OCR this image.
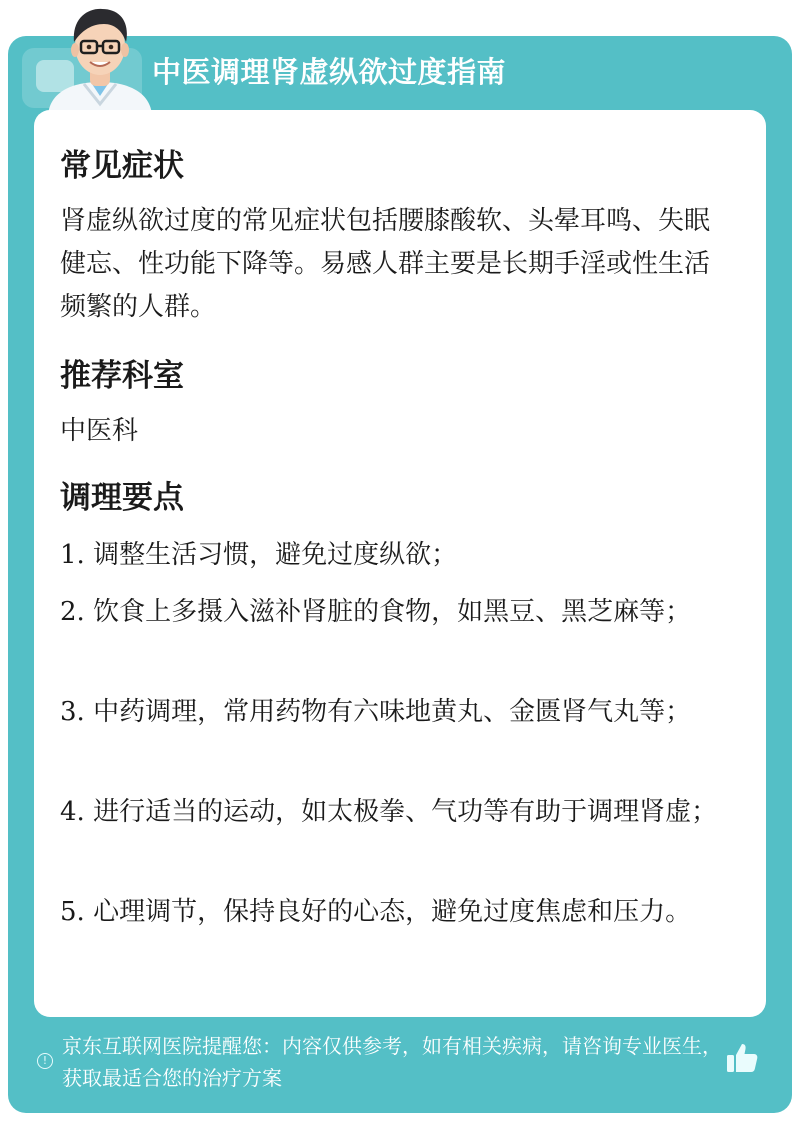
中医调理肾虚纵欲过度指南
常见症状
肾虚纵欲过度的常见症状包括腰膝酸软、头晕耳鸣、失眠健忘、性功能下降等。易感人群主要是长期手淫或性生活频繁的人群。
推荐科室
中医科
调理要点
1. 调整生活习惯，避免过度纵欲；
2. 饮食上多摄入滋补肾脏的食物，如黑豆、黑芝麻等；
3. 中药调理，常用药物有六味地黄丸、金匮肾气丸等；
4. 进行适当的运动，如太极拳、气功等有助于调理肾虚；
5. 心理调节，保持良好的心态，避免过度焦虑和压力。
!
京东互联网医院提醒您：内容仅供参考，如有相关疾病，请咨询专业医生，获取最适合您的治疗方案
